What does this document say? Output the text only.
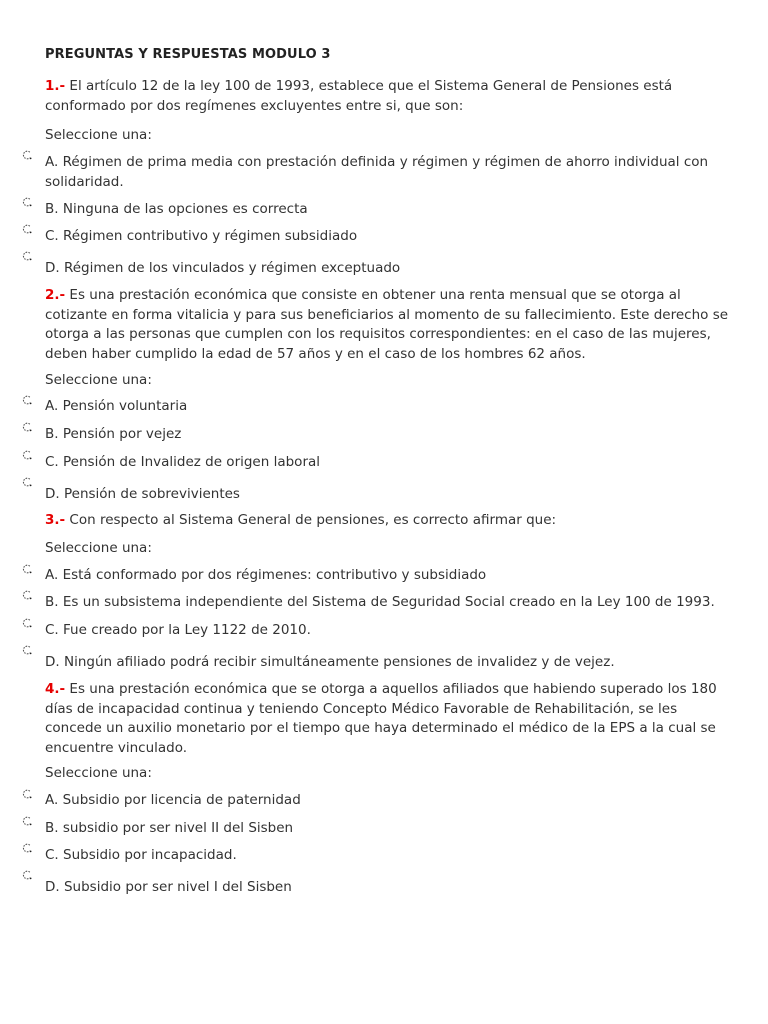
PREGUNTAS Y RESPUESTAS MODULO 3
1.- El artículo 12 de la ley 100 de 1993, establece que el Sistema General de Pensiones está conformado por dos regímenes excluyentes entre si, que son:
Seleccione una:
A. Régimen de prima media con prestación definida y régimen y régimen de ahorro individual con solidaridad.
B. Ninguna de las opciones es correcta
C. Régimen contributivo y régimen subsidiado
D. Régimen de los vinculados y régimen exceptuado
2.- Es una prestación económica que consiste en obtener una renta mensual que se otorga al cotizante en forma vitalicia y para sus beneficiarios al momento de su fallecimiento. Este derecho se otorga a las personas que cumplen con los requisitos correspondientes: en el caso de las mujeres, deben haber cumplido la edad de 57 años y en el caso de los hombres 62 años.
Seleccione una:
A. Pensión voluntaria
B. Pensión por vejez
C. Pensión de Invalidez de origen laboral
D. Pensión de sobrevivientes
3.- Con respecto al Sistema General de pensiones, es correcto afirmar que:
Seleccione una:
A. Está conformado por dos régimenes: contributivo y subsidiado
B. Es un subsistema independiente del Sistema de Seguridad Social creado en la Ley 100 de 1993.
C. Fue creado por la Ley 1122 de 2010.
D. Ningún afiliado podrá recibir simultáneamente pensiones de invalidez y de vejez.
4.- Es una prestación económica que se otorga a aquellos afiliados que habiendo superado los 180 días de incapacidad continua y teniendo Concepto Médico Favorable de Rehabilitación, se les concede un auxilio monetario por el tiempo que haya determinado el médico de la EPS a la cual se encuentre vinculado.
Seleccione una:
A. Subsidio por licencia de paternidad
B. subsidio por ser nivel II del Sisben
C. Subsidio por incapacidad.
D. Subsidio por ser nivel I del Sisben
